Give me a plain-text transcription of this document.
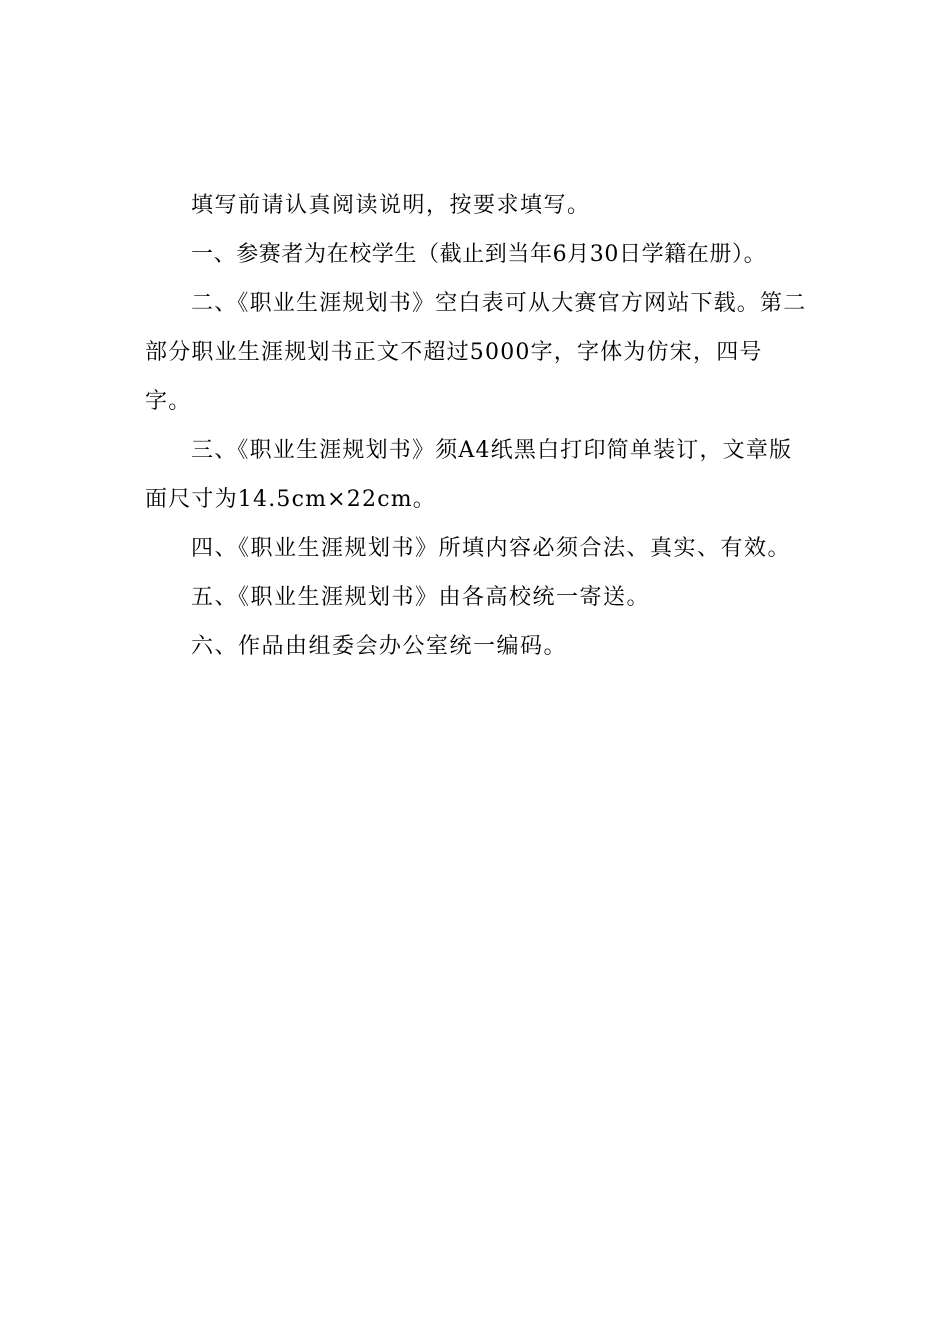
填写前请认真阅读说明，按要求填写。

一、参赛者为在校学生（截止到当年6月30日学籍在册）。

二、《职业生涯规划书》空白表可从大赛官方网站下载。第二部分职业生涯规划书正文不超过5000字，字体为仿宋，四号字。

三、《职业生涯规划书》须A4纸黑白打印简单装订，文章版面尺寸为14.5cm×22cm。

四、《职业生涯规划书》所填内容必须合法、真实、有效。

五、《职业生涯规划书》由各高校统一寄送。

六、作品由组委会办公室统一编码。
